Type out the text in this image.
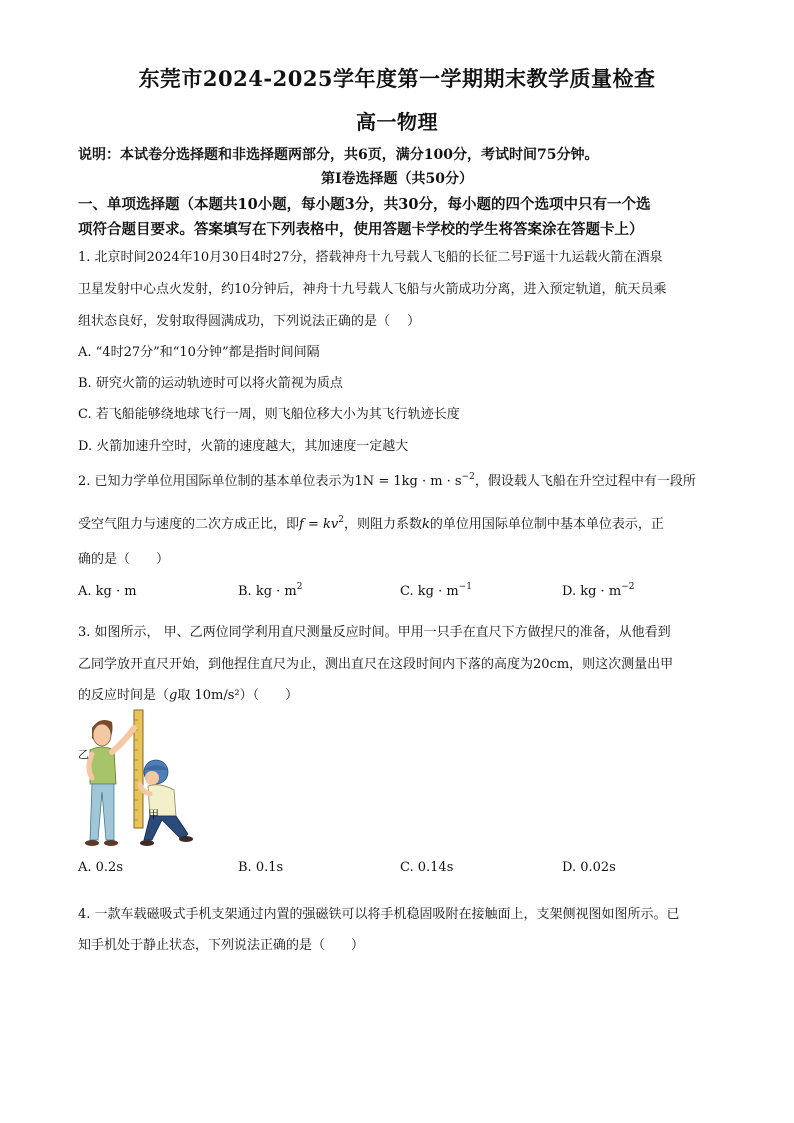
东莞市2024-2025学年度第一学期期末教学质量检查
高一物理
说明：本试卷分选择题和非选择题两部分，共6页，满分100分，考试时间75分钟。
第Ⅰ卷选择题（共50分）
一、单项选择题（本题共10小题，每小题3分，共30分，每小题的四个选项中只有一个选
项符合题目要求。答案填写在下列表格中，使用答题卡学校的学生将答案涂在答题卡上）
1. 北京时间2024年10月30日4时27分，搭载神舟十九号载人飞船的长征二号F遥十九运载火箭在酒泉
卫星发射中心点火发射，约10分钟后，神舟十九号载人飞船与火箭成功分离，进入预定轨道，航天员乘
组状态良好，发射取得圆满成功，下列说法正确的是（　 ）
A. “4时27分”和“10分钟”都是指时间间隔
B. 研究火箭的运动轨迹时可以将火箭视为质点
C. 若飞船能够绕地球飞行一周，则飞船位移大小为其飞行轨迹长度
D. 火箭加速升空时，火箭的速度越大，其加速度一定越大
2. 已知力学单位用国际单位制的基本单位表示为$1N = 1kg \cdot m \cdot s^{-2}$，假设载人飞船在升空过程中有一段所
受空气阻力与速度的二次方成正比，即$f = kv^2$，则阻力系数k的单位用国际单位制中基本单位表示，正
确的是（　　）
A. kg · m	B. kg · $m^2$	C. kg · $m^{-1}$	D. kg · $m^{-2}$
3. 如图所示， 甲、乙两位同学利用直尺测量反应时间。甲用一只手在直尺下方做捏尺的准备，从他看到
乙同学放开直尺开始，到他捏住直尺为止，测出直尺在这段时间内下落的高度为20cm，则这次测量出甲
的反应时间是（g取 10m/s²）（　　）
乙
甲
A. 0.2s	B. 0.1s	C. 0.14s	D. 0.02s
4. 一款车载磁吸式手机支架通过内置的强磁铁可以将手机稳固吸附在接触面上，支架侧视图如图所示。已
知手机处于静止状态，下列说法正确的是（　　）
